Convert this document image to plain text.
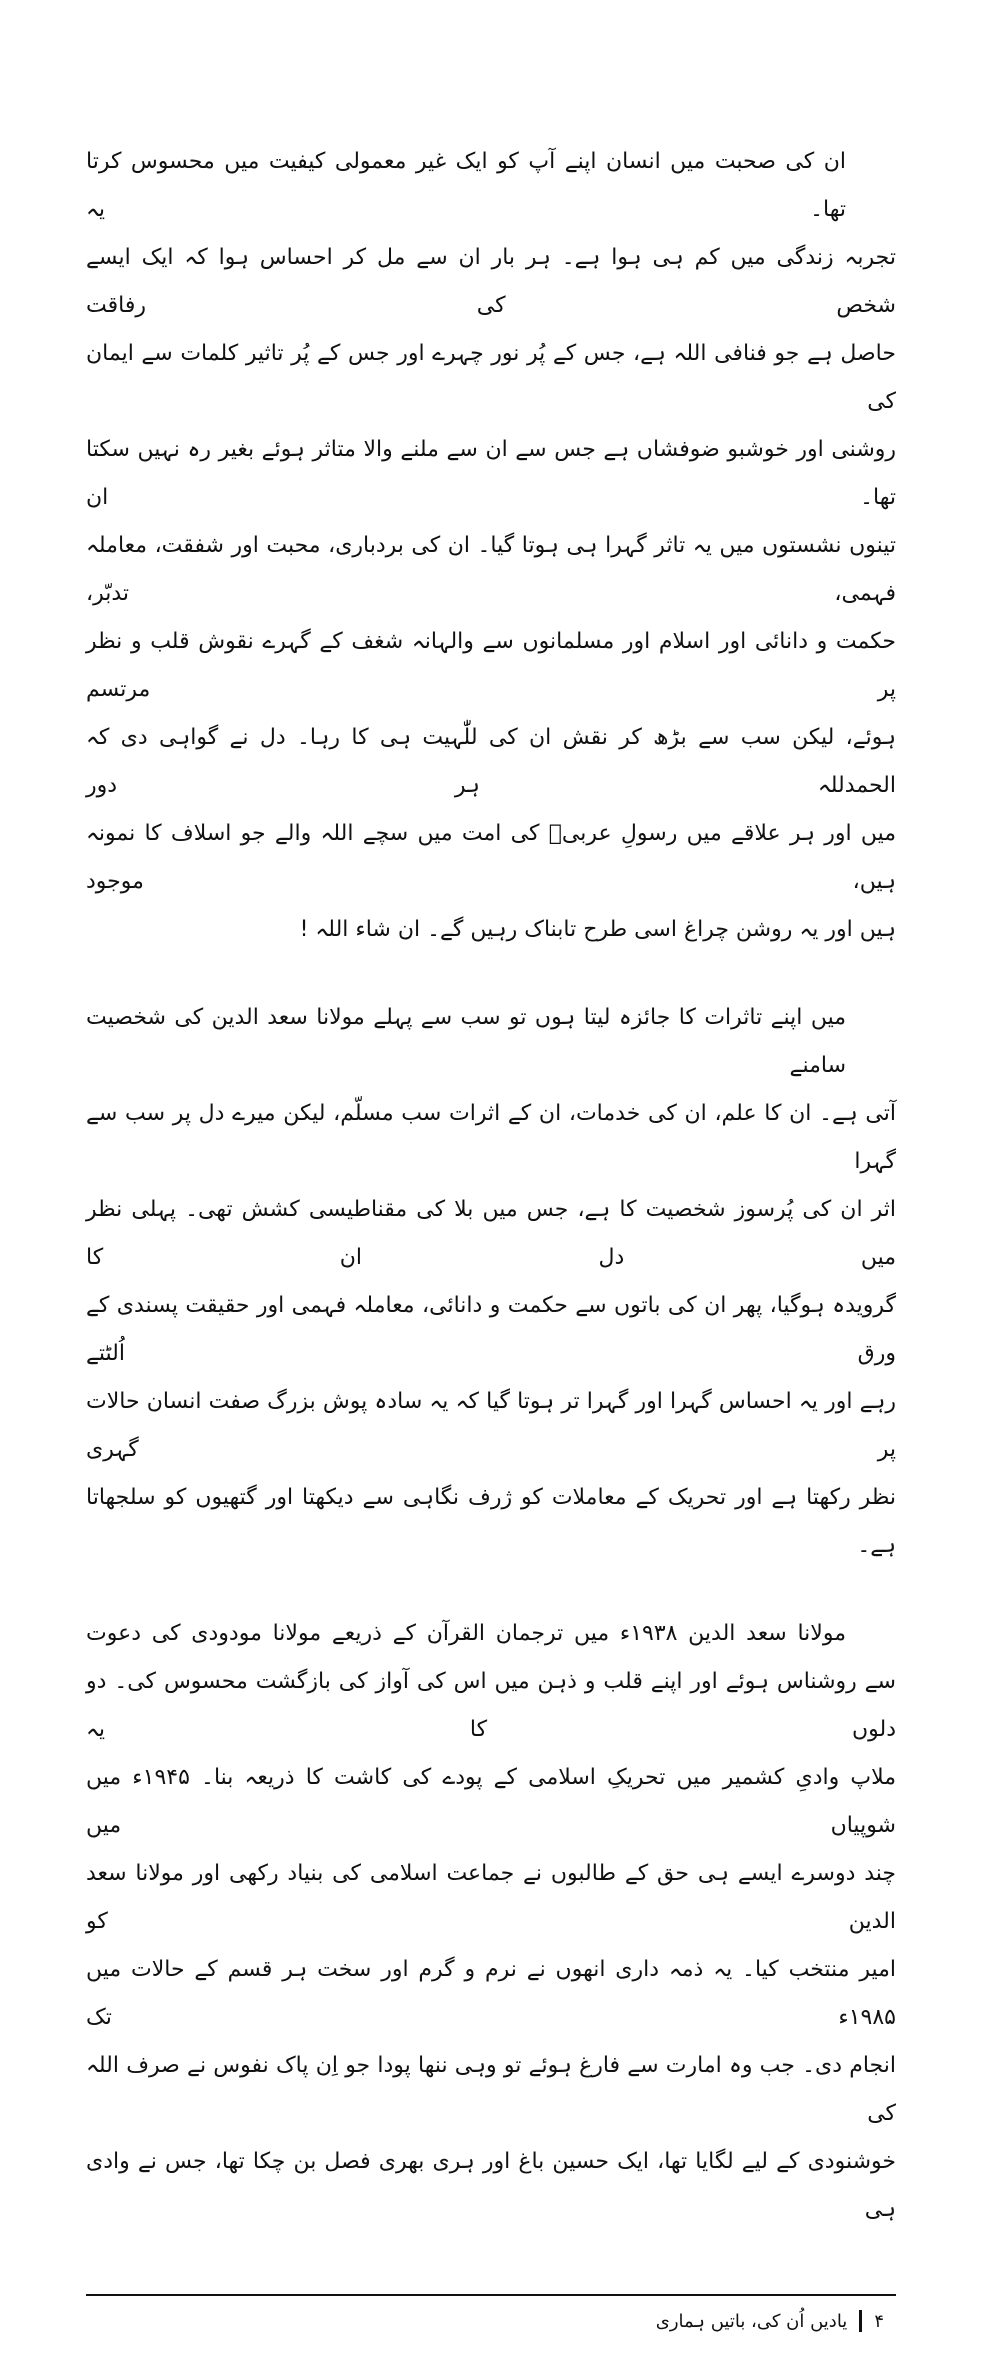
ان کی صحبت میں انسان اپنے آپ کو ایک غیر معمولی کیفیت میں محسوس کرتا تھا۔ یہ
تجربہ زندگی میں کم ہی ہوا ہے۔ ہر بار ان سے مل کر احساس ہوا کہ ایک ایسے شخص کی رفاقت
حاصل ہے جو فنافی اللہ ہے، جس کے پُر نور چہرے اور جس کے پُر تاثیر کلمات سے ایمان کی
روشنی اور خوشبو ضوفشاں ہے جس سے ان سے ملنے والا متاثر ہوئے بغیر رہ نہیں سکتا تھا۔ ان
تینوں نشستوں میں یہ تاثر گہرا ہی ہوتا گیا۔ ان کی بردباری، محبت اور شفقت، معاملہ فہمی، تدبّر،
حکمت و دانائی اور اسلام اور مسلمانوں سے والہانہ شغف کے گہرے نقوش قلب و نظر پر مرتسم
ہوئے، لیکن سب سے بڑھ کر نقش ان کی للّٰہیت ہی کا رہا۔ دل نے گواہی دی کہ الحمدللہ ہر دور
میں اور ہر علاقے میں رسولِ عربیؐ کی امت میں سچے اللہ والے جو اسلاف کا نمونہ ہیں، موجود
ہیں اور یہ روشن چراغ اسی طرح تابناک رہیں گے۔ ان شاء اللہ !
میں اپنے تاثرات کا جائزہ لیتا ہوں تو سب سے پہلے مولانا سعد الدین کی شخصیت سامنے
آتی ہے۔ ان کا علم، ان کی خدمات، ان کے اثرات سب مسلّم، لیکن میرے دل پر سب سے گہرا
اثر ان کی پُرسوز شخصیت کا ہے، جس میں بلا کی مقناطیسی کشش تھی۔ پہلی نظر میں دل ان کا
گرویدہ ہوگیا، پھر ان کی باتوں سے حکمت و دانائی، معاملہ فہمی اور حقیقت پسندی کے ورق اُلٹتے
رہے اور یہ احساس گہرا اور گہرا تر ہوتا گیا کہ یہ سادہ پوش بزرگ صفت انسان حالات پر گہری
نظر رکھتا ہے اور تحریک کے معاملات کو ژرف نگاہی سے دیکھتا اور گتھیوں کو سلجھاتا ہے۔
مولانا سعد الدین ۱۹۳۸ء میں ترجمان القرآن کے ذریعے مولانا مودودی کی دعوت
سے روشناس ہوئے اور اپنے قلب و ذہن میں اس کی آواز کی بازگشت محسوس کی۔ دو دلوں کا یہ
ملاپ وادیِ کشمیر میں تحریکِ اسلامی کے پودے کی کاشت کا ذریعہ بنا۔ ۱۹۴۵ء میں شوپیاں میں
چند دوسرے ایسے ہی حق کے طالبوں نے جماعت اسلامی کی بنیاد رکھی اور مولانا سعد الدین کو
امیر منتخب کیا۔ یہ ذمہ داری انھوں نے نرم و گرم اور سخت ہر قسم کے حالات میں ۱۹۸۵ء تک
انجام دی۔ جب وہ امارت سے فارغ ہوئے تو وہی ننھا پودا جو اِن پاک نفوس نے صرف اللہ کی
خوشنودی کے لیے لگایا تھا، ایک حسین باغ اور ہری بھری فصل بن چکا تھا، جس نے وادی ہی
۴
یادیں اُن کی، باتیں ہماری
